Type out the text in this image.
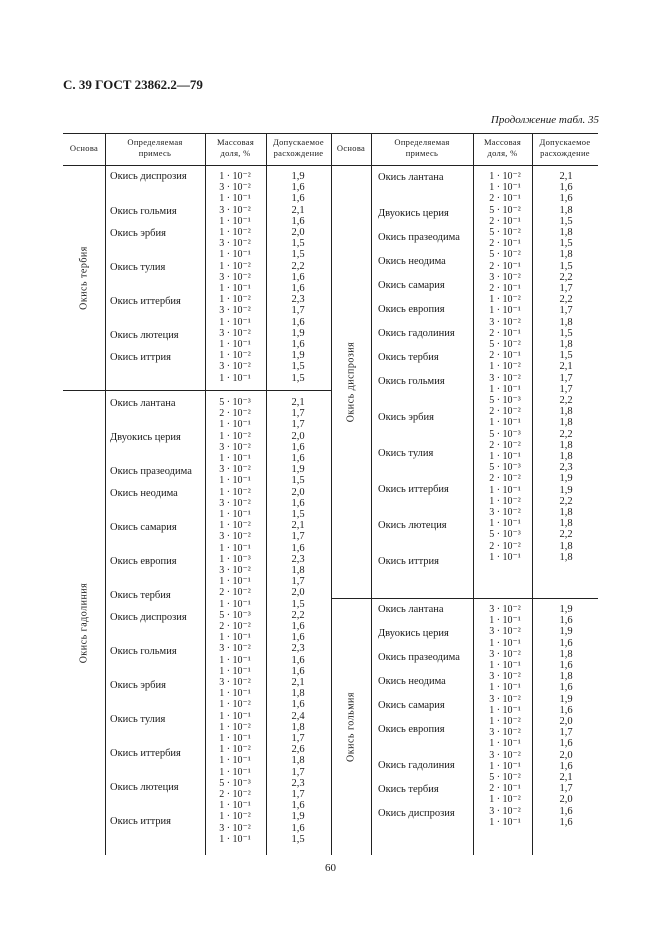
С. 39 ГОСТ 23862.2—79
Продолжение табл. 35
Основа
Определяемая
примесь
Массовая
доля, %
Допускаемое
расхождение	Основа
Определяемая
примесь
Массовая
доля, %
Допускаемое
расхождение
Окись тербия
Окись диспрозия
Окись гольмия
Окись эрбия
Окись тулия
Окись иттербия
Окись лютеция
Окись иттрия
1 · 10⁻²
3 · 10⁻²
1 · 10⁻¹
3 · 10⁻²
1 · 10⁻¹
1 · 10⁻²
3 · 10⁻²
1 · 10⁻¹
1 · 10⁻²
3 · 10⁻²
1 · 10⁻¹
1 · 10⁻²
3 · 10⁻²
1 · 10⁻¹
3 · 10⁻²
1 · 10⁻¹
1 · 10⁻²
3 · 10⁻²
1 · 10⁻¹
1,9
1,6
1,6
2,1
1,6
2,0
1,5
1,5
2,2
1,6
1,6
2,3
1,7
1,6
1,9
1,6
1,9
1,5
1,5
Окись гадолиния
Окись лантана
Двуокись церия
Окись празеодима
Окись неодима
Окись самария
Окись европия
Окись тербия
Окись диспрозия
Окись гольмия
Окись эрбия
Окись тулия
Окись иттербия
Окись лютеция
Окись иттрия
5 · 10⁻³
2 · 10⁻²
1 · 10⁻¹
1 · 10⁻²
3 · 10⁻²
1 · 10⁻¹
3 · 10⁻²
1 · 10⁻¹
1 · 10⁻²
3 · 10⁻²
1 · 10⁻¹
1 · 10⁻²
3 · 10⁻²
1 · 10⁻¹
1 · 10⁻³
3 · 10⁻²
1 · 10⁻¹
2 · 10⁻²
1 · 10⁻¹
5 · 10⁻³
2 · 10⁻²
1 · 10⁻¹
3 · 10⁻²
1 · 10⁻¹
1 · 10⁻¹
3 · 10⁻²
1 · 10⁻¹
1 · 10⁻²
1 · 10⁻¹
1 · 10⁻²
1 · 10⁻¹
1 · 10⁻²
1 · 10⁻¹
1 · 10⁻¹
5 · 10⁻³
2 · 10⁻²
1 · 10⁻¹
1 · 10⁻²
3 · 10⁻²
1 · 10⁻¹
2,1
1,7
1,7
2,0
1,6
1,6
1,9
1,5
2,0
1,6
1,5
2,1
1,7
1,6
2,3
1,8
1,7
2,0
1,5
2,2
1,6
1,6
2,3
1,6
1,6
2,1
1,8
1,6
2,4
1,8
1,7
2,6
1,8
1,7
2,3
1,7
1,6
1,9
1,6
1,5
Окись диспрозия
Окись лантана
Двуокись церия
Окись празеодима
Окись неодима
Окись самария
Окись европия
Окись гадолиния
Окись тербия
Окись гольмия
Окись эрбия
Окись тулия
Окись иттербия
Окись лютеция
Окись иттрия
1 · 10⁻²
1 · 10⁻¹
2 · 10⁻¹
5 · 10⁻²
2 · 10⁻¹
5 · 10⁻²
2 · 10⁻¹
5 · 10⁻²
2 · 10⁻¹
3 · 10⁻²
2 · 10⁻¹
1 · 10⁻²
1 · 10⁻¹
3 · 10⁻²
2 · 10⁻¹
5 · 10⁻²
2 · 10⁻¹
1 · 10⁻²
3 · 10⁻²
1 · 10⁻¹
5 · 10⁻³
2 · 10⁻²
1 · 10⁻¹
5 · 10⁻³
2 · 10⁻²
1 · 10⁻¹
5 · 10⁻³
2 · 10⁻²
1 · 10⁻¹
1 · 10⁻²
3 · 10⁻²
1 · 10⁻¹
5 · 10⁻³
2 · 10⁻²
1 · 10⁻¹
2,1
1,6
1,6
1,8
1,5
1,8
1,5
1,8
1,5
2,2
1,7
2,2
1,7
1,8
1,5
1,8
1,5
2,1
1,7
1,7
2,2
1,8
1,8
2,2
1,8
1,8
2,3
1,9
1,9
2,2
1,8
1,8
2,2
1,8
1,8
Окись гольмия
Окись лантана
Двуокись церия
Окись празеодима
Окись неодима
Окись самария
Окись европия
Окись гадолиния
Окись тербия
Окись диспрозия
3 · 10⁻²
1 · 10⁻¹
3 · 10⁻²
1 · 10⁻¹
3 · 10⁻²
1 · 10⁻¹
3 · 10⁻²
1 · 10⁻¹
3 · 10⁻²
1 · 10⁻¹
1 · 10⁻²
3 · 10⁻²
1 · 10⁻¹
3 · 10⁻²
1 · 10⁻¹
5 · 10⁻²
2 · 10⁻¹
1 · 10⁻²
3 · 10⁻²
1 · 10⁻¹
1,9
1,6
1,9
1,6
1,8
1,6
1,8
1,6
1,9
1,6
2,0
1,7
1,6
2,0
1,6
2,1
1,7
2,0
1,6
1,6
60
